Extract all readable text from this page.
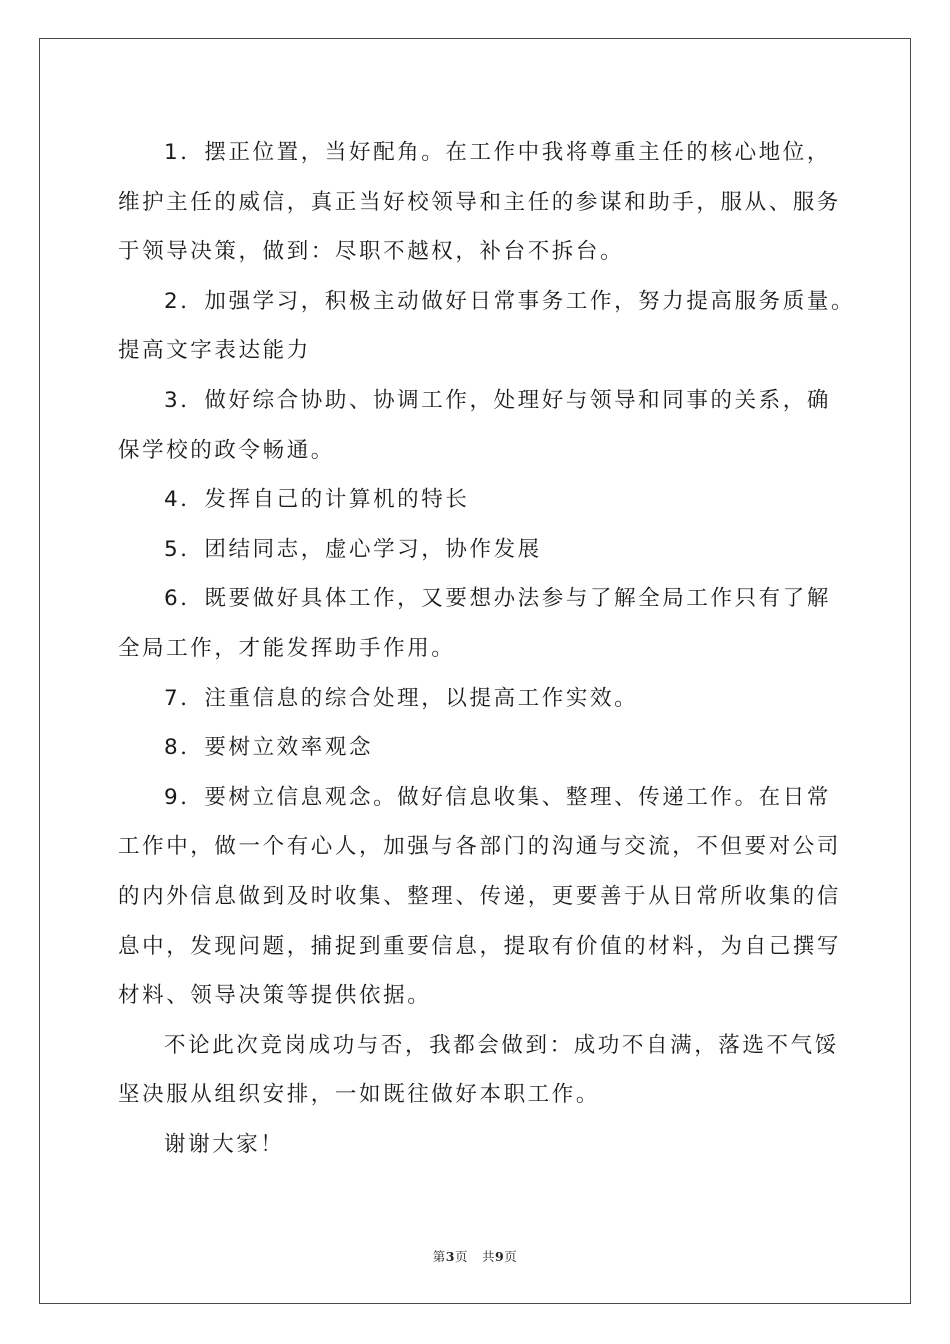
1．摆正位置，当好配角。在工作中我将尊重主任的核心地位，
维护主任的威信，真正当好校领导和主任的参谋和助手，服从、服务
于领导决策，做到：尽职不越权，补台不拆台。
2．加强学习，积极主动做好日常事务工作，努力提高服务质量。
提高文字表达能力
3．做好综合协助、协调工作，处理好与领导和同事的关系，确
保学校的政令畅通。
4．发挥自己的计算机的特长
5．团结同志，虚心学习，协作发展
6．既要做好具体工作，又要想办法参与了解全局工作只有了解
全局工作，才能发挥助手作用。
7．注重信息的综合处理，以提高工作实效。
8．要树立效率观念
9．要树立信息观念。做好信息收集、整理、传递工作。在日常
工作中，做一个有心人，加强与各部门的沟通与交流，不但要对公司
的内外信息做到及时收集、整理、传递，更要善于从日常所收集的信
息中，发现问题，捕捉到重要信息，提取有价值的材料，为自己撰写
材料、领导决策等提供依据。
不论此次竞岗成功与否，我都会做到：成功不自满，落选不气馁
坚决服从组织安排，一如既往做好本职工作。
谢谢大家！
第3页 共9页
